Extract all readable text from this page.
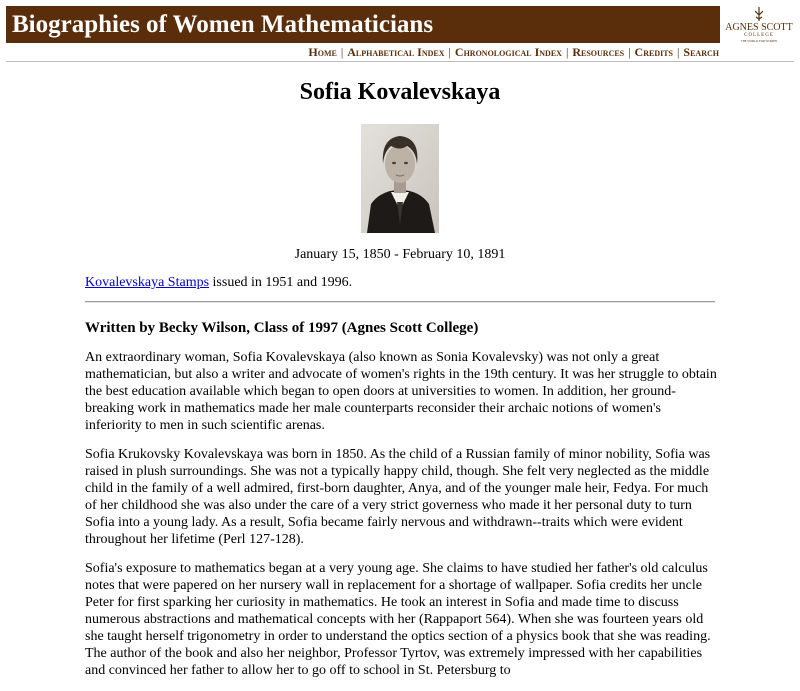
Biographies of Women Mathematicians	AGNES SCOTT
COLLEGE
THE WORLD FOR WOMEN
Home | Alphabetical Index | Chronological Index | Resources | Credits | Search
Sofia Kovalevskaya
January 15, 1850 - February 10, 1891
Kovalevskaya Stamps issued in 1951 and 1996.
Written by Becky Wilson, Class of 1997 (Agnes Scott College)

An extraordinary woman, Sofia Kovalevskaya (also known as Sonia Kovalevsky) was not only a great mathematician, but also a writer and advocate of women's rights in the 19th century. It was her struggle to obtain the best education available which began to open doors at universities to women. In addition, her ground-breaking work in mathematics made her male counterparts reconsider their archaic notions of women's inferiority to men in such scientific arenas.

Sofia Krukovsky Kovalevskaya was born in 1850. As the child of a Russian family of minor nobility, Sofia was raised in plush surroundings. She was not a typically happy child, though. She felt very neglected as the middle child in the family of a well admired, first-born daughter, Anya, and of the younger male heir, Fedya. For much of her childhood she was also under the care of a very strict governess who made it her personal duty to turn Sofia into a young lady. As a result, Sofia became fairly nervous and withdrawn--traits which were evident throughout her lifetime (Perl 127-128).

Sofia's exposure to mathematics began at a very young age. She claims to have studied her father's old calculus notes that were papered on her nursery wall in replacement for a shortage of wallpaper. Sofia credits her uncle Peter for first sparking her curiosity in mathematics. He took an interest in Sofia and made time to discuss numerous abstractions and mathematical concepts with her (Rappaport 564). When she was fourteen years old she taught herself trigonometry in order to understand the optics section of a physics book that she was reading. The author of the book and also her neighbor, Professor Tyrtov, was extremely impressed with her capabilities and convinced her father to allow her to go off to school in St. Petersburg to
